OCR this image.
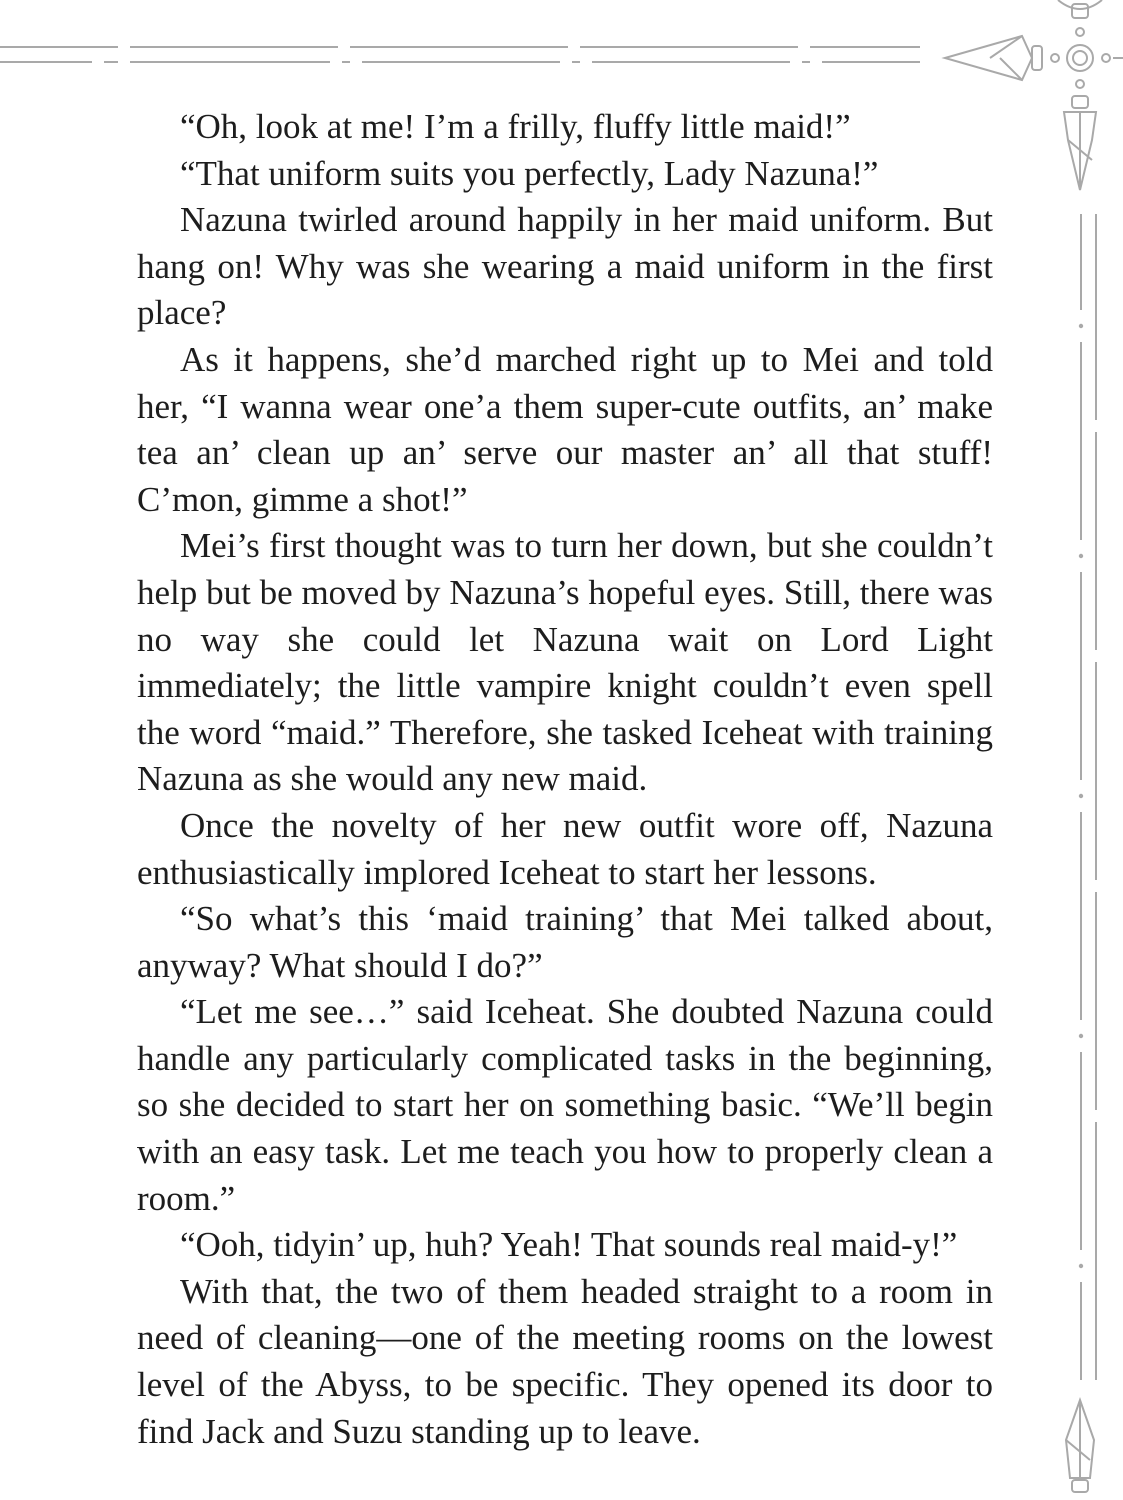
“Oh, look at me! I’m a frilly, fluffy little maid!”

“That uniform suits you perfectly, Lady Nazuna!”

Nazuna twirled around happily in her maid uniform. But hang on! Why was she wearing a maid uniform in the first place?

As it happens, she’d marched right up to Mei and told her, “I wanna wear one’a them super-cute outfits, an’ make tea an’ clean up an’ serve our master an’ all that stuff! C’mon, gimme a shot!”

Mei’s first thought was to turn her down, but she couldn’t help but be moved by Nazuna’s hopeful eyes. Still, there was no way she could let Nazuna wait on Lord Light immediately; the little vampire knight couldn’t even spell the word “maid.” Therefore, she tasked Iceheat with training Nazuna as she would any new maid.

Once the novelty of her new outfit wore off, Nazuna enthusiastically implored Iceheat to start her lessons.

“So what’s this ‘maid training’ that Mei talked about, anyway? What should I do?”

“Let me see…” said Iceheat. She doubted Nazuna could handle any particularly complicated tasks in the beginning, so she decided to start her on something basic. “We’ll begin with an easy task. Let me teach you how to properly clean a room.”

“Ooh, tidyin’ up, huh? Yeah! That sounds real maid-y!”

With that, the two of them headed straight to a room in need of cleaning—one of the meeting rooms on the lowest level of the Abyss, to be specific. They opened its door to find Jack and Suzu standing up to leave.
